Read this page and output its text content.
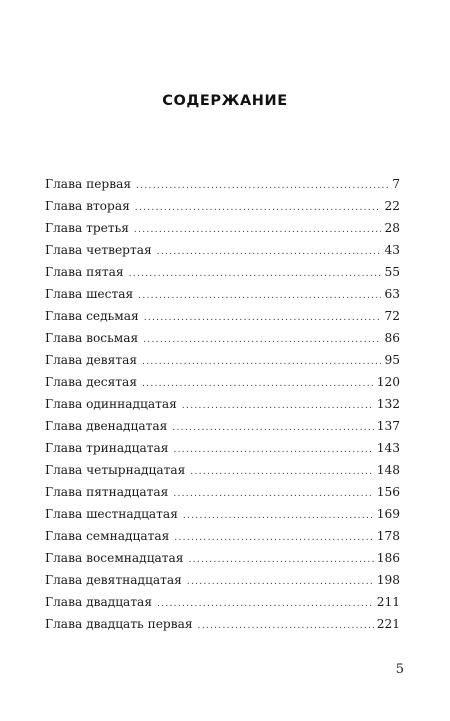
СОДЕРЖАНИЕ
Глава первая .....	7
Глава вторая .....	22
Глава третья .....	28
Глава четвертая .....	43
Глава пятая .....	55
Глава шестая .....	63
Глава седьмая .....	72
Глава восьмая .....	86
Глава девятая .....	95
Глава десятая .....	120
Глава одиннадцатая .....	132
Глава двенадцатая .....	137
Глава тринадцатая .....	143
Глава четырнадцатая .....	148
Глава пятнадцатая .....	156
Глава шестнадцатая .....	169
Глава семнадцатая .....	178
Глава восемнадцатая .....	186
Глава девятнадцатая .....	198
Глава двадцатая .....	211
Глава двадцать первая .....	221
5
